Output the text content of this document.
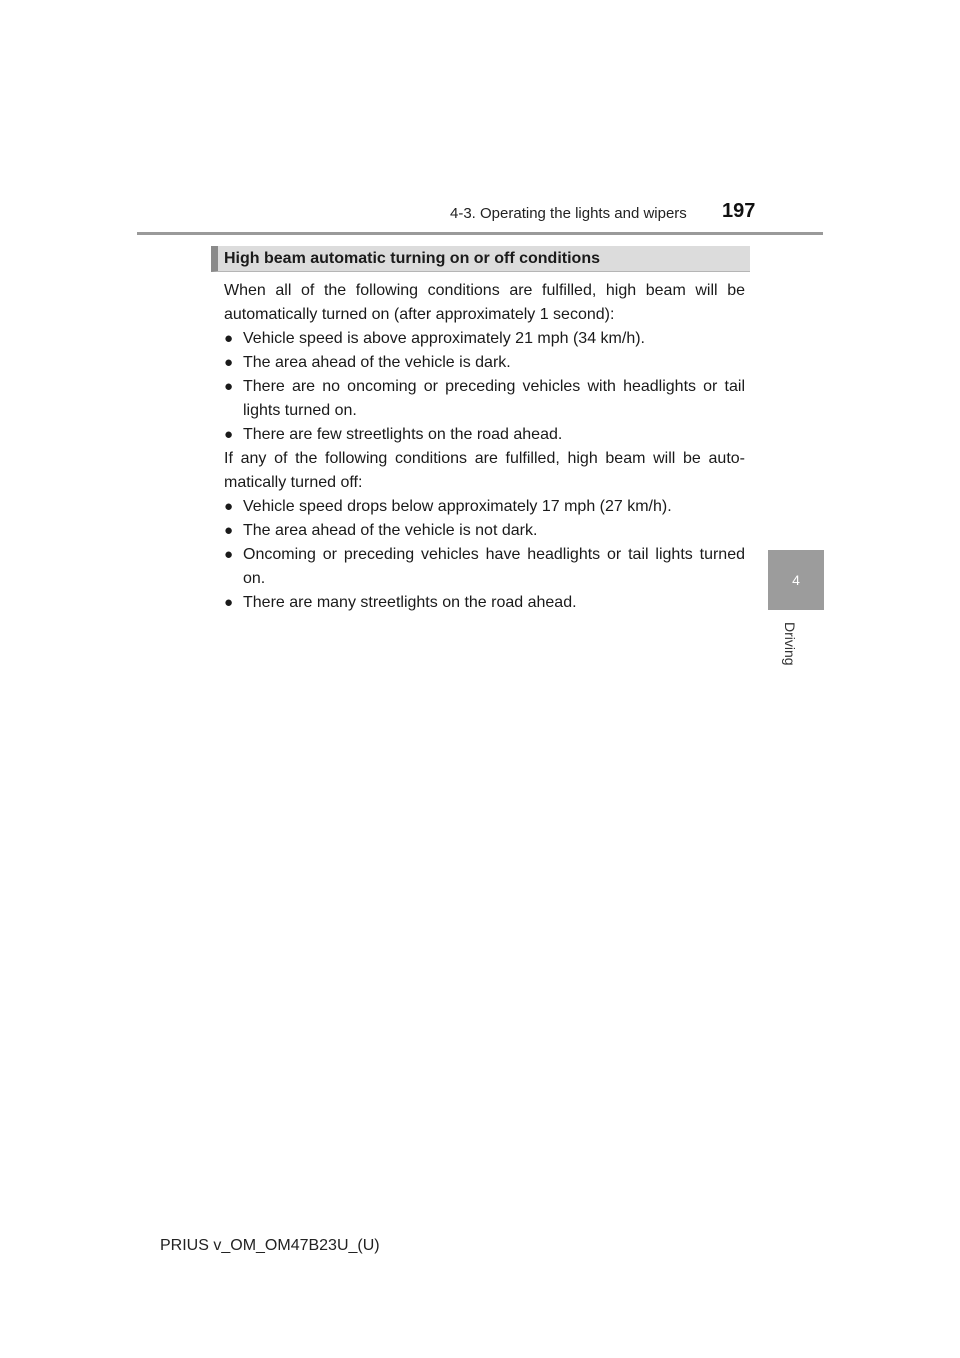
4-3. Operating the lights and wipers 197
4
Driving
High beam automatic turning on or off conditions

When all of the following conditions are fulfilled, high beam will be automatically turned on (after approximately 1 second):

● Vehicle speed is above approximately 21 mph (34 km/h).
● The area ahead of the vehicle is dark.
● There are no oncoming or preceding vehicles with headlights or tail lights turned on.
● There are few streetlights on the road ahead.

If any of the following conditions are fulfilled, high beam will be auto-matically turned off:

● Vehicle speed drops below approximately 17 mph (27 km/h).
● The area ahead of the vehicle is not dark.
● Oncoming or preceding vehicles have headlights or tail lights turned on.
● There are many streetlights on the road ahead.
PRIUS v_OM_OM47B23U_(U)
